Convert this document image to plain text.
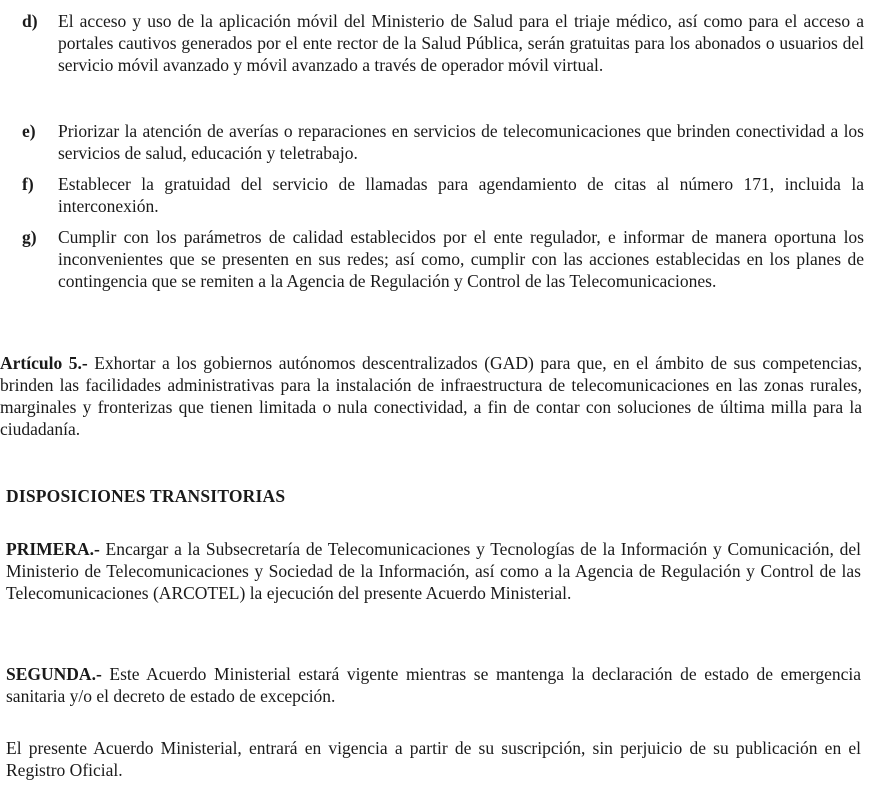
d) El acceso y uso de la aplicación móvil del Ministerio de Salud para el triaje médico, así como para el acceso a portales cautivos generados por el ente rector de la Salud Pública, serán gratuitas para los abonados o usuarios del servicio móvil avanzado y móvil avanzado a través de operador móvil virtual.
e) Priorizar la atención de averías o reparaciones en servicios de telecomunicaciones que brinden conectividad a los servicios de salud, educación y teletrabajo.
f) Establecer la gratuidad del servicio de llamadas para agendamiento de citas al número 171, incluida la interconexión.
g) Cumplir con los parámetros de calidad establecidos por el ente regulador, e informar de manera oportuna los inconvenientes que se presenten en sus redes; así como, cumplir con las acciones establecidas en los planes de contingencia que se remiten a la Agencia de Regulación y Control de las Telecomunicaciones.
Artículo 5.- Exhortar a los gobiernos autónomos descentralizados (GAD) para que, en el ámbito de sus competencias, brinden las facilidades administrativas para la instalación de infraestructura de telecomunicaciones en las zonas rurales, marginales y fronterizas que tienen limitada o nula conectividad, a fin de contar con soluciones de última milla para la ciudadanía.
DISPOSICIONES TRANSITORIAS
PRIMERA.- Encargar a la Subsecretaría de Telecomunicaciones y Tecnologías de la Información y Comunicación, del Ministerio de Telecomunicaciones y Sociedad de la Información, así como a la Agencia de Regulación y Control de las Telecomunicaciones (ARCOTEL) la ejecución del presente Acuerdo Ministerial.
SEGUNDA.- Este Acuerdo Ministerial estará vigente mientras se mantenga la declaración de estado de emergencia sanitaria y/o el decreto de estado de excepción.
El presente Acuerdo Ministerial, entrará en vigencia a partir de su suscripción, sin perjuicio de su publicación en el Registro Oficial.
